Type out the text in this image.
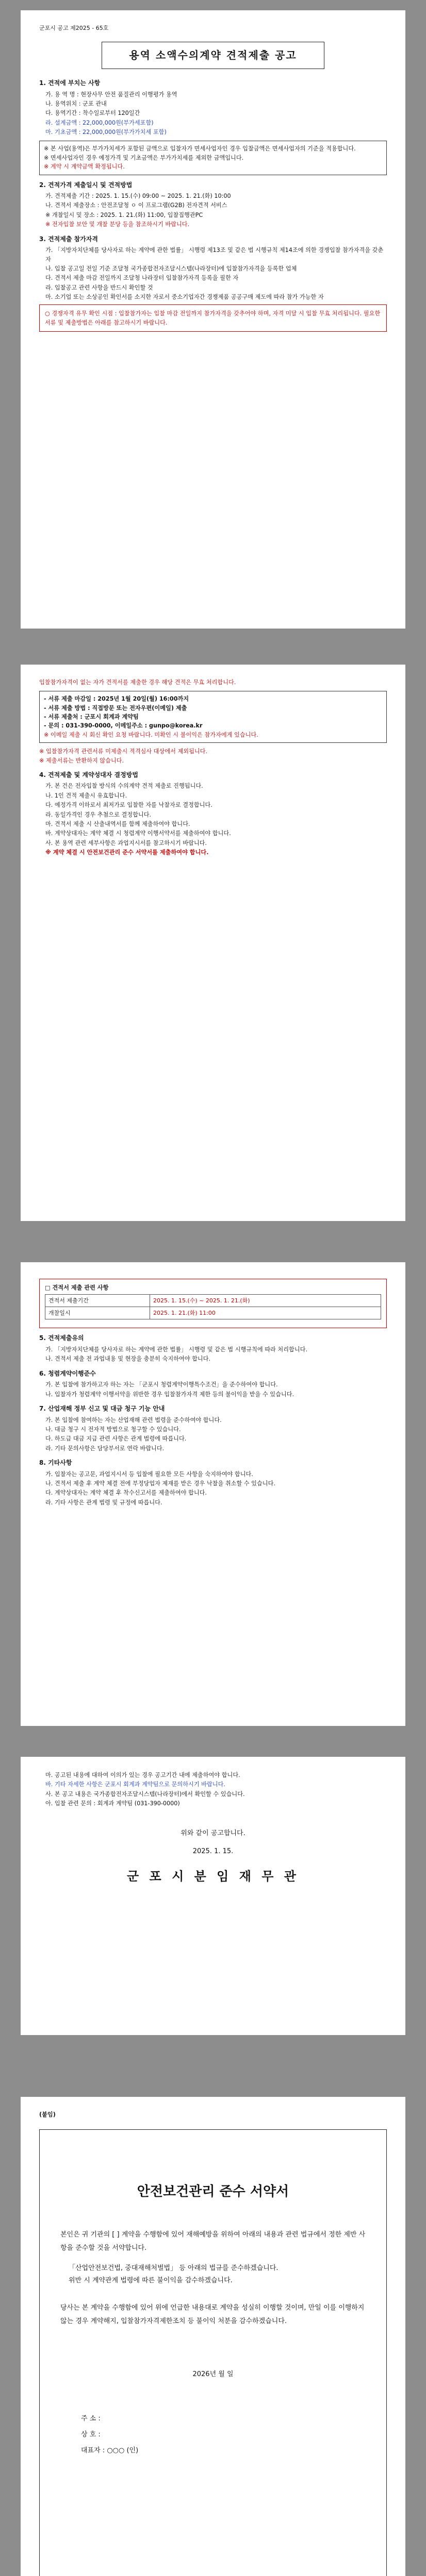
군포시 공고 제2025 - 65호
용역 소액수의계약 견적제출 공고
1. 견적에 부치는 사항
가. 용 역 명 : 현장사무 안전 품질관리 이행평가 용역
나. 용역위치 : 군포 관내
다. 용역기간 : 착수일로부터 120일간
라. 설계금액 : 22,000,000원(부가세포함)
마. 기초금액 : 22,000,000원(부가가치세 포함)
※ 본 사업(용역)은 부가가치세가 포함된 금액으로 입찰자가 면세사업자인 경우 입찰금액은 면세사업자의 기준을 적용합니다.
※ 면세사업자인 경우 예정가격 및 기초금액은 부가가치세를 제외한 금액입니다.
※ 계약 시 계약금액 확정됩니다.
2. 견적가격 제출일시 및 견적방법
가. 견적제출 기간 : 2025. 1. 15.(수) 09:00 ~ 2025. 1. 21.(화) 10:00
나. 견적서 제출장소 : 안전조달청 ㅇ 이 프로그램(G2B) 전자견적 서비스
※ 개찰일시 및 장소 : 2025. 1. 21.(화) 11:00, 입찰집행관PC
※ 전자입찰 보안 및 개찰 분당 등을 참조하시기 바랍니다.
3. 견적제출 참가자격
가. 「지방자치단체를 당사자로 하는 계약에 관한 법률」 시행령 제13조 및 같은 법 시행규칙 제14조에 의한 경쟁입찰 참가자격을 갖춘 자
나. 입찰 공고일 전일 기준 조달청 국가종합전자조달시스템(나라장터)에 입찰참가자격을 등록한 업체
다. 견적서 제출 마감 전일까지 조달청 나라장터 입찰참가자격 등록을 필한 자
라. 입찰공고 관련 사항을 반드시 확인할 것
마. 소기업 또는 소상공인 확인서를 소지한 자로서 중소기업자간 경쟁제품 공공구매 제도에 따라 참가 가능한 자
○ 경쟁자격 유무 확인 시점 : 입찰참가자는 입찰 마감 전일까지 참가자격을 갖추어야 하며, 자격 미달 시 입찰 무효 처리됩니다. 필요한 서류 및 제출방법은 아래를 참고하시기 바랍니다.
입찰참가자격이 없는 자가 견적서를 제출한 경우 해당 견적은 무효 처리합니다.
- 서류 제출 마감일 : 2025년 1월 20일(월) 16:00까지
- 서류 제출 방법 : 직접방문 또는 전자우편(이메일) 제출
- 서류 제출처 : 군포시 회계과 계약팀
- 문의 : 031-390-0000, 이메일주소 : gunpo@korea.kr
※ 이메일 제출 시 회신 확인 요청 바랍니다. 미확인 시 불이익은 참가자에게 있습니다.
※ 입찰참가자격 관련서류 미제출시 적격심사 대상에서 제외됩니다.
※ 제출서류는 반환하지 않습니다.
4. 견적제출 및 계약성대자 결정방법
가. 본 건은 전자입찰 방식의 수의계약 견적 제출로 진행됩니다.
나. 1인 견적 제출시 유효합니다.
다. 예정가격 이하로서 최저가로 입찰한 자를 낙찰자로 결정합니다.
라. 동일가격인 경우 추첨으로 결정합니다.
마. 견적서 제출 시 산출내역서를 함께 제출하여야 합니다.
바. 계약상대자는 계약 체결 시 청렴계약 이행서약서를 제출하여야 합니다.
사. 본 용역 관련 세부사항은 과업지시서를 참고하시기 바랍니다.
※ 계약 체결 시 안전보건관리 준수 서약서를 제출하여야 합니다.
□ 견적서 제출 관련 사항
견적서 제출기간	2025. 1. 15.(수) ~ 2025. 1. 21.(화)
개찰일시	2025. 1. 21.(화) 11:00
5. 견적제출유의
가. 「지방자치단체를 당사자로 하는 계약에 관한 법률」 시행령 및 같은 법 시행규칙에 따라 처리합니다.
나. 견적서 제출 전 과업내용 및 현장을 충분히 숙지하여야 합니다.
6. 청렴계약이행준수
가. 본 입찰에 참가하고자 하는 자는 「군포시 청렴계약이행특수조건」을 준수하여야 합니다.
나. 입찰자가 청렴계약 이행서약을 위반한 경우 입찰참가자격 제한 등의 불이익을 받을 수 있습니다.
7. 산업재해 정부 신고 및 대금 청구 기능 안내
가. 본 입찰에 참여하는 자는 산업재해 관련 법령을 준수하여야 합니다.
나. 대금 청구 시 전자적 방법으로 청구할 수 있습니다.
다. 하도급 대금 지급 관련 사항은 관계 법령에 따릅니다.
라. 기타 문의사항은 담당부서로 연락 바랍니다.
8. 기타사항
가. 입찰자는 공고문, 과업지시서 등 입찰에 필요한 모든 사항을 숙지하여야 합니다.
나. 견적서 제출 후 계약 체결 전에 부정당업자 제재를 받은 경우 낙찰을 취소할 수 있습니다.
다. 계약상대자는 계약 체결 후 착수신고서를 제출하여야 합니다.
라. 기타 사항은 관계 법령 및 규정에 따릅니다.
마. 공고된 내용에 대하여 이의가 있는 경우 공고기간 내에 제출하여야 합니다.
바. 기타 자세한 사항은 군포시 회계과 계약팀으로 문의하시기 바랍니다.
사. 본 공고 내용은 국가종합전자조달시스템(나라장터)에서 확인할 수 있습니다.
아. 입찰 관련 문의 : 회계과 계약팀 (031-390-0000)
위와 같이 공고합니다.
2025. 1. 15.
군 포 시 분 임 재 무 관
(붙임)
안전보건관리 준수 서약서
본인은 귀 기관의 [ ] 계약을 수행함에 있어 재해예방을 위하여 아래의 내용과 관련 법규에서 정한 제반 사항을 준수할 것을 서약합니다.
「산업안전보건법, 중대재해처벌법」 등 아래의 법규를 준수하겠습니다.
위반 시 계약관계 법령에 따른 불이익을 감수하겠습니다.
당사는 본 계약을 수행함에 있어 위에 언급한 내용대로 계약을 성실히 이행할 것이며, 만일 이를 이행하지 않는 경우 계약해지, 입찰참가자격제한조치 등 불이익 처분을 감수하겠습니다.
2026년 월 일
주 소 :
상 호 :
대표자 : ○○○ (인)
